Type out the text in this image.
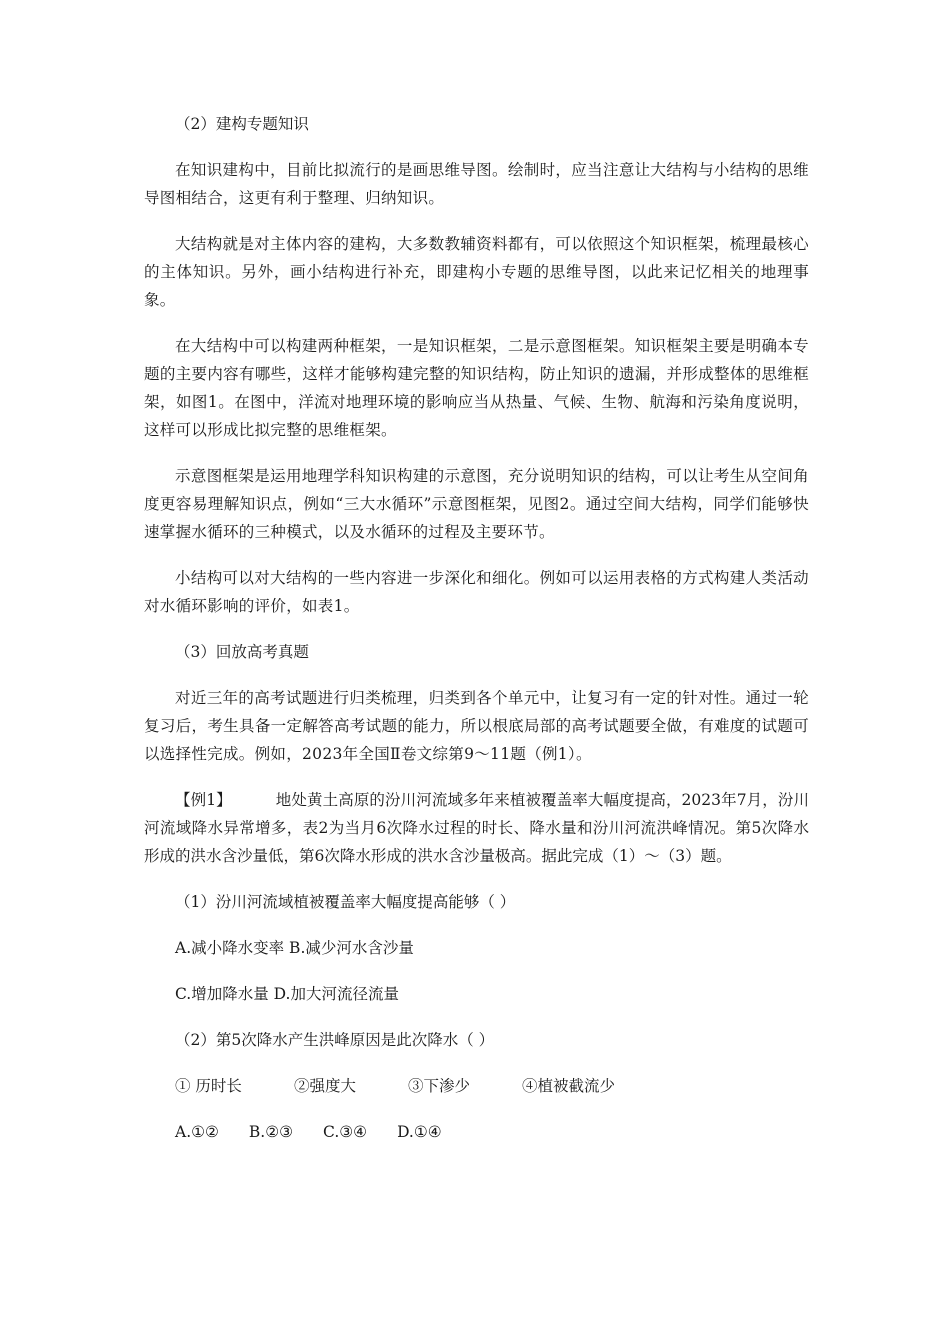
（2）建构专题知识

在知识建构中，目前比拟流行的是画思维导图。绘制时，应当注意让大结构与小结构的思维导图相结合，这更有利于整理、归纳知识。

大结构就是对主体内容的建构，大多数教辅资料都有，可以依照这个知识框架，梳理最核心的主体知识。另外，画小结构进行补充，即建构小专题的思维导图，以此来记忆相关的地理事象。

在大结构中可以构建两种框架，一是知识框架，二是示意图框架。知识框架主要是明确本专题的主要内容有哪些，这样才能够构建完整的知识结构，防止知识的遗漏，并形成整体的思维框架，如图1。在图中，洋流对地理环境的影响应当从热量、气候、生物、航海和污染角度说明，这样可以形成比拟完整的思维框架。

示意图框架是运用地理学科知识构建的示意图，充分说明知识的结构，可以让考生从空间角度更容易理解知识点，例如“三大水循环”示意图框架，见图2。通过空间大结构，同学们能够快速掌握水循环的三种模式，以及水循环的过程及主要环节。

小结构可以对大结构的一些内容进一步深化和细化。例如可以运用表格的方式构建人类活动对水循环影响的评价，如表1。

（3）回放高考真题

对近三年的高考试题进行归类梳理，归类到各个单元中，让复习有一定的针对性。通过一轮复习后，考生具备一定解答高考试题的能力，所以根底局部的高考试题要全做，有难度的试题可以选择性完成。例如，2023年全国Ⅱ卷文综第9～11题（例1）。

【例1】	地处黄土高原的汾川河流域多年来植被覆盖率大幅度提高，2023年7月，汾川河流域降水异常增多，表2为当月6次降水过程的时长、降水量和汾川河流洪峰情况。第5次降水形成的洪水含沙量低，第6次降水形成的洪水含沙量极高。据此完成（1）～（3）题。

（1）汾川河流域植被覆盖率大幅度提高能够（ ）

A.减小降水变率 B.减少河水含沙量

C.增加降水量 D.加大河流径流量

（2）第5次降水产生洪峰原因是此次降水（ ）

① 历时长	②强度大	③下渗少	④植被截流少
A.①② B.②③ C.③④ D.①④
